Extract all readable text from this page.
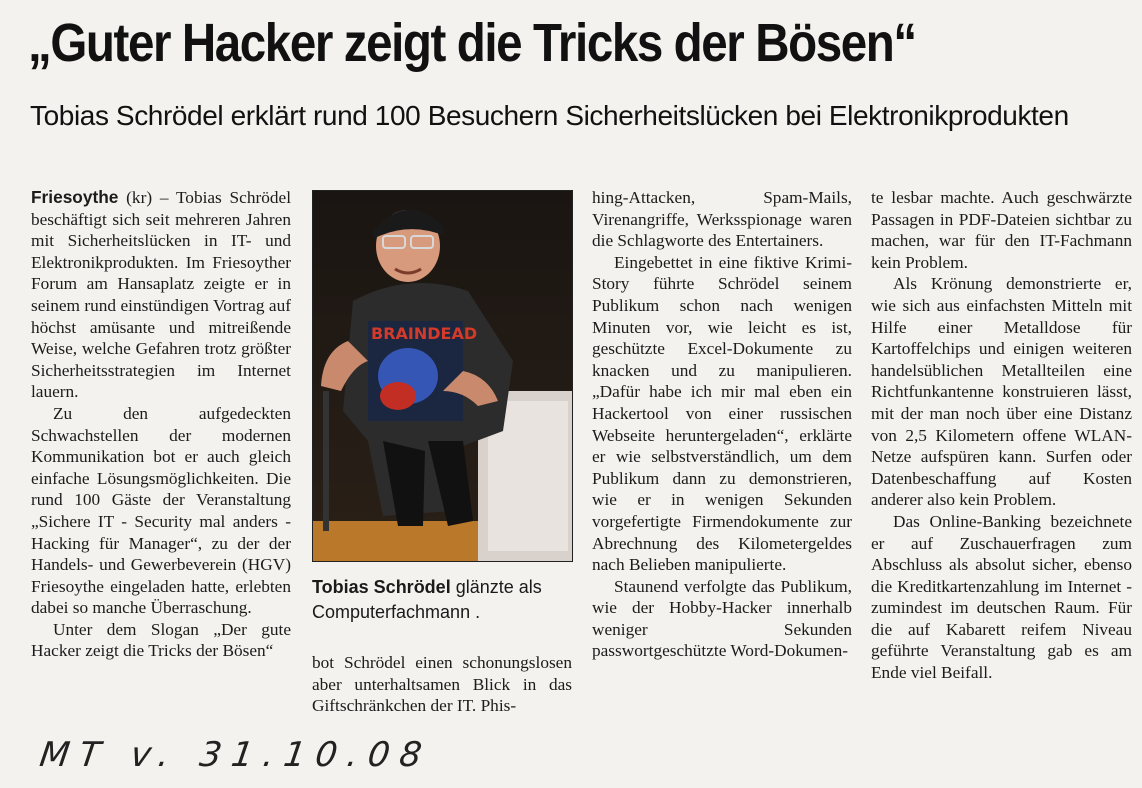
„Guter Hacker zeigt die Tricks der Bösen“
Tobias Schrödel erklärt rund 100 Besuchern Sicherheitslücken bei Elektronikprodukten

Friesoythe (kr) – Tobias Schrödel beschäftigt sich seit mehreren Jahren mit Sicherheitslücken in IT- und Elektronikprodukten. Im Friesoyther Forum am Hansaplatz zeigte er in seinem rund einstündigen Vortrag auf höchst amüsante und mitreißende Weise, welche Gefahren trotz größter Sicherheitsstrategien im Internet lauern.

Zu den aufgedeckten Schwachstellen der modernen Kommunikation bot er auch gleich einfache Lösungsmöglichkeiten. Die rund 100 Gäste der Veranstaltung „Sichere IT - Security mal anders - Hacking für Manager“, zu der der Handels- und Gewerbeverein (HGV) Friesoythe eingeladen hatte, erlebten dabei so manche Überraschung.

Unter dem Slogan „Der gute Hacker zeigt die Tricks der Bösen“

BRAINDEAD
Tobias Schrödel glänzte als Computerfachmann .

bot Schrödel einen schonungslosen aber unterhaltsamen Blick in das Giftschränkchen der IT. Phis-

hing-Attacken, Spam-Mails, Virenangriffe, Werksspionage waren die Schlagworte des Entertainers.

Eingebettet in eine fiktive Krimi-Story führte Schrödel seinem Publikum schon nach wenigen Minuten vor, wie leicht es ist, geschützte Excel-Dokumente zu knacken und zu manipulieren. „Dafür habe ich mir mal eben ein Hackertool von einer russischen Webseite heruntergeladen“, erklärte er wie selbstverständlich, um dem Publikum dann zu demonstrieren, wie er in wenigen Sekunden vorgefertigte Firmendokumente zur Abrechnung des Kilometergeldes nach Belieben manipulierte.

Staunend verfolgte das Publikum, wie der Hobby-Hacker innerhalb weniger Sekunden passwortgeschützte Word-Dokumen-

te lesbar machte. Auch geschwärzte Passagen in PDF-Dateien sichtbar zu machen, war für den IT-Fachmann kein Problem.

Als Krönung demonstrierte er, wie sich aus einfachsten Mitteln mit Hilfe einer Metalldose für Kartoffelchips und einigen weiteren handelsüblichen Metallteilen eine Richtfunkantenne konstruieren lässt, mit der man noch über eine Distanz von 2,5 Kilometern offene WLAN-Netze aufspüren kann. Surfen oder Datenbeschaffung auf Kosten anderer also kein Problem.

Das Online-Banking bezeichnete er auf Zuschauerfragen zum Abschluss als absolut sicher, ebenso die Kreditkartenzahlung im Internet - zumindest im deutschen Raum. Für die auf Kabarett reifem Niveau geführte Veranstaltung gab es am Ende viel Beifall.

MT v. 31.10.08
